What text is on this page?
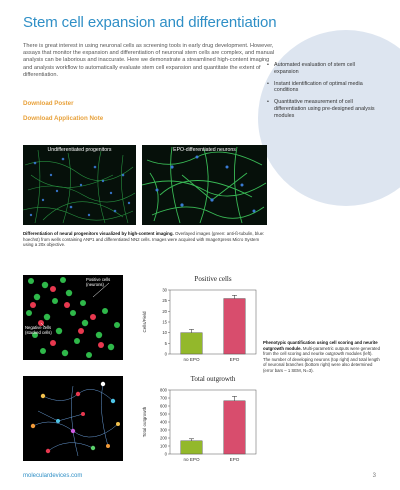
Stem cell expansion and differentiation
There is great interest in using neuronal cells as screening tools in early drug development. However, assays that monitor the expansion and differentiation of neuronal stem cells are complex, and manual analysis can be laborious and inaccurate. Here we demonstrate a streamlined high-content imaging and analysis workflow to automatically evaluate stem cell expansion and quantitate the extent of differentiation.
Download Poster
Download Application Note
• Automated evaluation of stem cell expansion
• Instant identification of optimal media conditions
• Quantitative measurement of cell differentiation using pre-designed analysis modules
Undifferentiated progenitors	EPO-differentiated neurons
Differentiation of neural progenitors visualized by high-content imaging. Overlayed images (green: anti-ß-tubulin, blue: hoechst) from wells containing ANP1 and differentiated NN2 cells. Images were acquired with ImageXpress Micro System using a 20x objective.
Positive cells (neurons)
Negative cells (stacked cells)
Positive cells
Cells/Field
0
5
10
15
20
25
30
no EPO	EPO
Total outgrowth
Total outgrowth
0
100
200
300
400
500
600
700
800
no EPO	EPO
Phenotypic quantification using cell scoring and neurite outgrowth module. Multi-parametric outputs were generated from the cell scoring and neurite outgrowth modules (left). The number of developing neurons (top right) and total length of neuronal branches (bottom right) were also determined (error bars – 1 SEM, N=3).
moleculardevices.com	3
